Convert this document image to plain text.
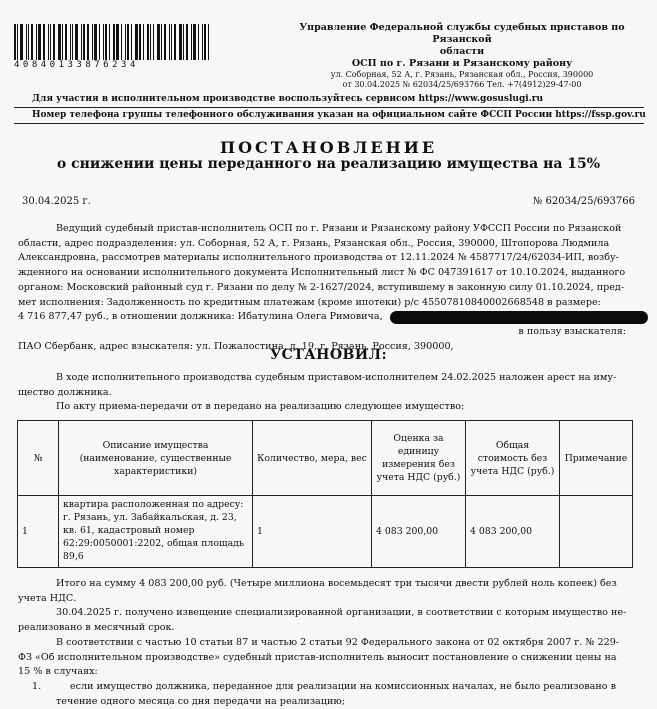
40840133876234
Управление Федеральной службы судебных приставов по Рязанской
области
ОСП по г. Рязани и Рязанскому району
ул. Соборная, 52 А, г. Рязань, Рязанская обл., Россия, 390000
от 30.04.2025 № 62034/25/693766 Тел. +7(4912)29-47-00
Для участия в исполнительном производстве воспользуйтесь сервисом https://www.gosuslugi.ru
Номер телефона группы телефонного обслуживания указан на официальном сайте ФССП России https://fssp.gov.ru
ПОСТАНОВЛЕНИЕ
о снижении цены переданного на реализацию имущества на 15%
30.04.2025 г.	№ 62034/25/693766
Ведущий судебный пристав-исполнитель ОСП по г. Рязани и Рязанскому району УФССП России по Рязанской
области, адрес подразделения: ул. Соборная, 52 А, г. Рязань, Рязанская обл., Россия, 390000, Штопорова Людмила
Александровна, рассмотрев материалы исполнительного производства от 12.11.2024 № 4587717/24/62034-ИП, возбу-
жденного на основании исполнительного документа Исполнительный лист № ФС 047391617 от 10.10.2024, выданного
органом: Московский районный суд г. Рязани по делу № 2-1627/2024, вступившему в законную силу 01.10.2024, пред-
мет исполнения: Задолженность по кредитным платежам (кроме ипотеки) р/с 45507810840002668548 в размере:
4 716 877,47 руб., в отношении должника: Ибатулина Олега Римовича,
в пользу взыскателя:
ПАО Сбербанк, адрес взыскателя: ул. Пожалостина, д. 19, г. Рязань, Россия, 390000,
УСТАНОВИЛ:
В ходе исполнительного производства судебным приставом-исполнителем 24.02.2025 наложен арест на иму-
щество должника.
По акту приема-передачи от в передано на реализацию следующее имущество:
№	Описание имущества (наименование, существенные характеристики)	Количество, мера, вес	Оценка за единицу измерения без учета НДС (руб.)	Общая стоимость без учета НДС (руб.)	Примечание
1	квартира расположенная по адресу: г. Рязань, ул. Забайкальская, д. 23, кв. 61, кадастровый номер 62:29:0050001:2202, общая площадь 89,6	1	4 083 200,00	4 083 200,00	
Итого на сумму 4 083 200,00 руб. (Четыре миллиона восемьдесят три тысячи двести рублей ноль копеек) без
учета НДС.
30.04.2025 г. получено извещение специализированной организации, в соответствии с которым имущество не-
реализовано в месячный срок.
В соответствии с частью 10 статьи 87 и частью 2 статьи 92 Федерального закона от 02 октября 2007 г. № 229-
ФЗ «Об исполнительном производстве» судебный пристав-исполнитель выносит постановление о снижении цены на
15 % в случаях:
1.	если имущество должника, переданное для реализации на комиссионных началах, не было реализовано в
течение одного месяца со дня передачи на реализацию;
